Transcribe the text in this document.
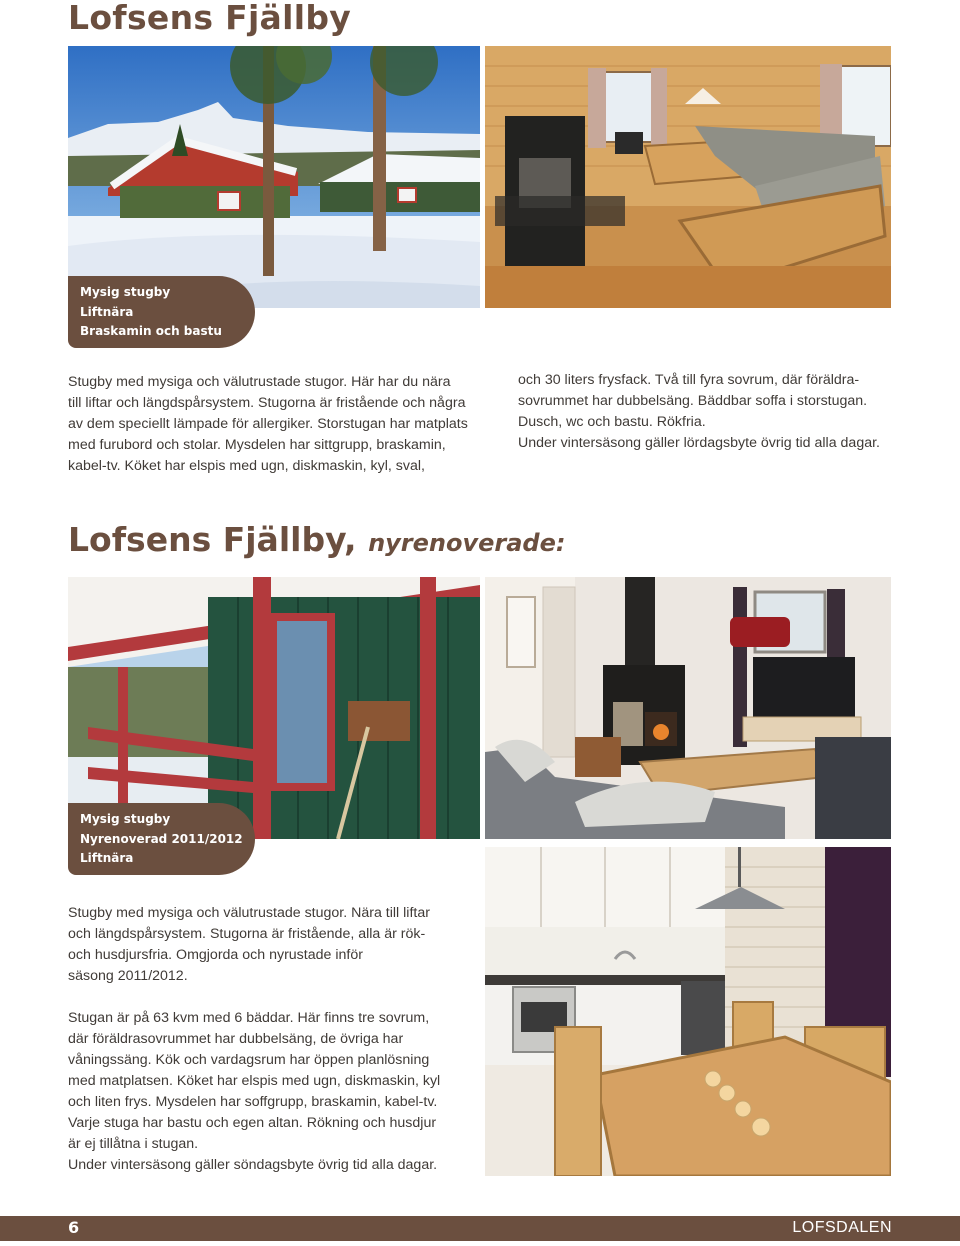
Lofsens Fjällby
Mysig stugby
Liftnära
Braskamin och bastu

Stugby med mysiga och välutrustade stugor. Här har du nära

till liftar och längdspårsystem. Stugorna är fristående och några

av dem speciellt lämpade för allergiker. Storstugan har matplats

med furubord och stolar. Mysdelen har sittgrupp, braskamin,

kabel-tv. Köket har elspis med ugn, diskmaskin, kyl, sval,

och 30 liters frysfack. Två till fyra sovrum, där föräldra-

sovrummet har dubbelsäng. Bäddbar soffa i storstugan.

Dusch, wc och bastu. Rökfria.

Under vintersäsong gäller lördagsbyte övrig tid alla dagar.

Lofsens Fjällby, nyrenoverade:
Mysig stugby
Nyrenoverad 2011/2012
Liftnära

Stugby med mysiga och välutrustade stugor. Nära till liftar

och längdspårsystem. Stugorna är fristående, alla är rök-

och husdjursfria. Omgjorda och nyrustade inför

säsong 2011/2012.

Stugan är på 63 kvm med 6 bäddar. Här finns tre sovrum,

där föräldrasovrummet har dubbelsäng, de övriga har

våningssäng. Kök och vardagsrum har öppen planlösning

med matplatsen. Köket har elspis med ugn, diskmaskin, kyl

och liten frys. Mysdelen har soffgrupp, braskamin, kabel-tv.

Varje stuga har bastu och egen altan. Rökning och husdjur

är ej tillåtna i stugan.

Under vintersäsong gäller söndagsbyte övrig tid alla dagar.

6	LOFSDALEN
